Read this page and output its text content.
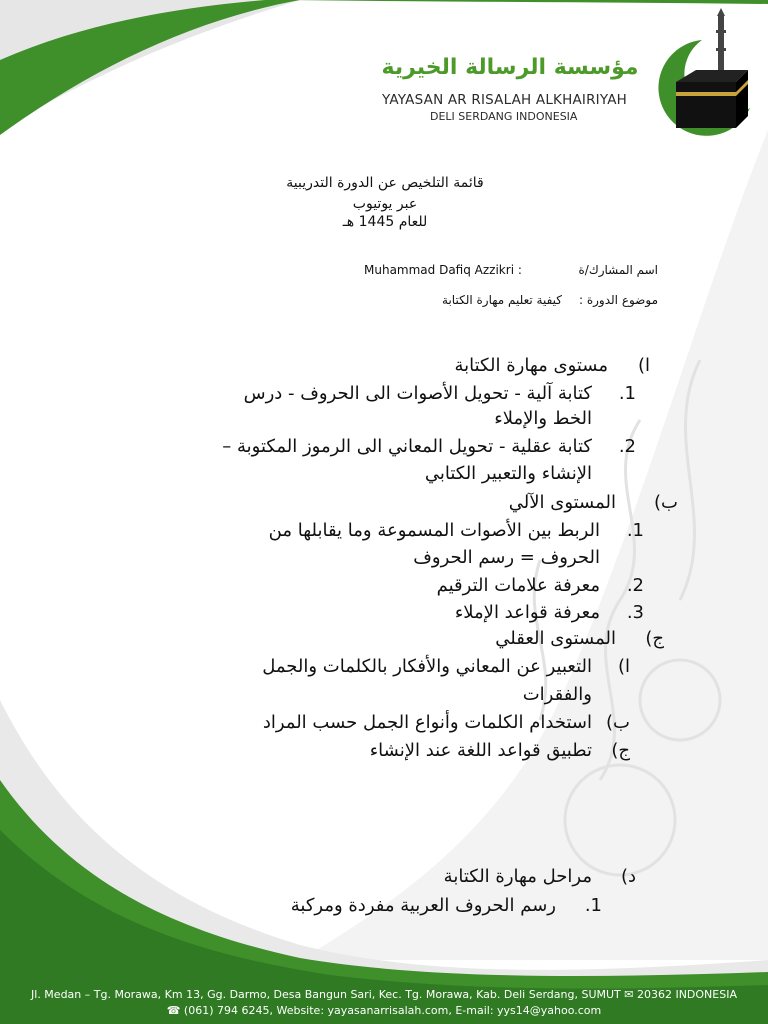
مؤسسة الرسالة الخيرية
YAYASAN AR RISALAH ALKHAIRIYAH
DELI SERDANG INDONESIA
قائمة التلخيص عن الدورة التدريبية
عبر يوتيوب
للعام 1445 هـ
اسم المشارك/ة
Muhammad Dafiq Azzikri :
موضوع الدورة :
كيفية تعليم مهارة الكتابة
ا)
مستوى مهارة الكتابة
1.
كتابة آلية - تحويل الأصوات الى الحروف - درس
الخط والإملاء
2.
كتابة عقلية - تحويل المعاني الى الرموز المكتوبة –
الإنشاء والتعبير الكتابي
ب)
المستوى الآلي
1.
الربط بين الأصوات المسموعة وما يقابلها من
الحروف = رسم الحروف
2.
معرفة علامات الترقيم
3.
معرفة قواعد الإملاء
ج)
المستوى العقلي
ا)
التعبير عن المعاني والأفكار بالكلمات والجمل
والفقرات
ب)
استخدام الكلمات وأنواع الجمل حسب المراد
ج)
تطبيق قواعد اللغة عند الإنشاء
د)
مراحل مهارة الكتابة
1.
رسم الحروف العربية مفردة ومركبة
Jl. Medan – Tg. Morawa, Km 13, Gg. Darmo, Desa Bangun Sari, Kec. Tg. Morawa, Kab. Deli Serdang, SUMUT ✉ 20362 INDONESIA
☎ (061) 794 6245, Website: yayasanarrisalah.com, E-mail: yys14@yahoo.com
